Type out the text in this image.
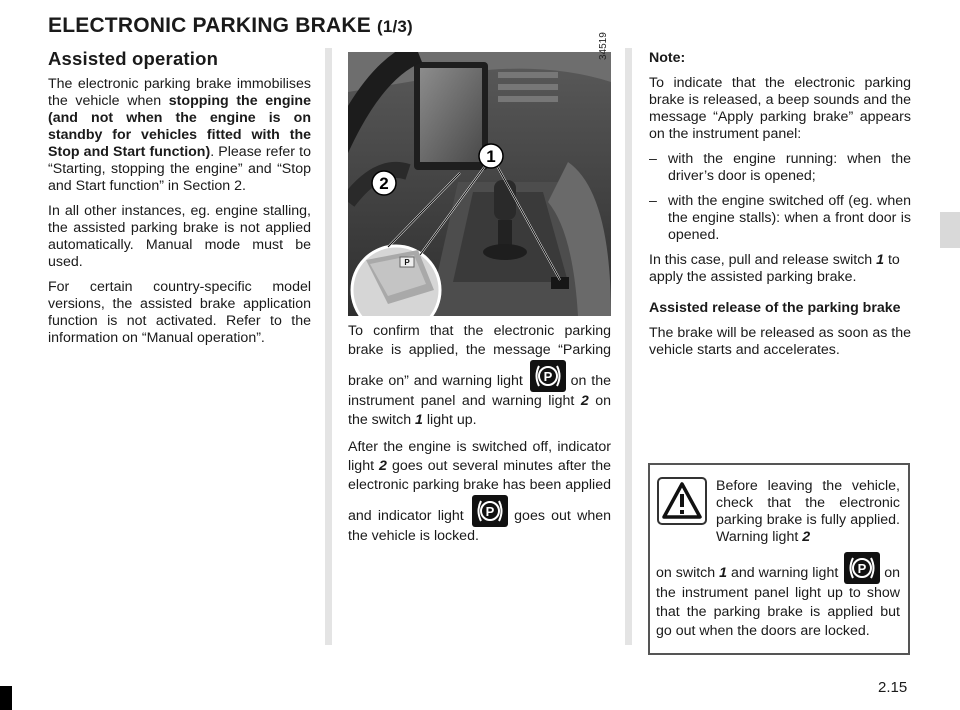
ELECTRONIC PARKING BRAKE (1/3)
Assisted operation

The electronic parking brake immobilises the vehicle when stopping the engine (and not when the engine is on standby for vehicles fitted with the Stop and Start function). Please refer to “Starting, stopping the engine” and “Stop and Start function” in Section 2.

In all other instances, eg. engine stalling, the assisted parking brake is not applied automatically. Manual mode must be used.

For certain country-specific model versions, the assisted brake application function is not activated. Refer to the information on “Manual operation”.

1
2
P
34519

To confirm that the electronic parking brake is applied, the message “Parking brake on” and warning light P on the instrument panel and warning light 2 on the switch 1 light up.

After the engine is switched off, indicator light 2 goes out several minutes after the electronic parking brake has been applied and indicator light P goes out when the vehicle is locked.

Note:

To indicate that the electronic parking brake is released, a beep sounds and the message “Apply parking brake” appears on the instrument panel:

– with the engine running: when the driver’s door is opened;

– with the engine switched off (eg. when the engine stalls): when a front door is opened.

In this case, pull and release switch 1 to apply the assisted parking brake.

Assisted release of the parking brake

The brake will be released as soon as the vehicle starts and accelerates.

Before leaving the vehicle, check that the electronic parking brake is fully applied. Warning light 2
on switch 1 and warning light P on the instrument panel light up to show that the parking brake is applied but go out when the doors are locked.
2.15
